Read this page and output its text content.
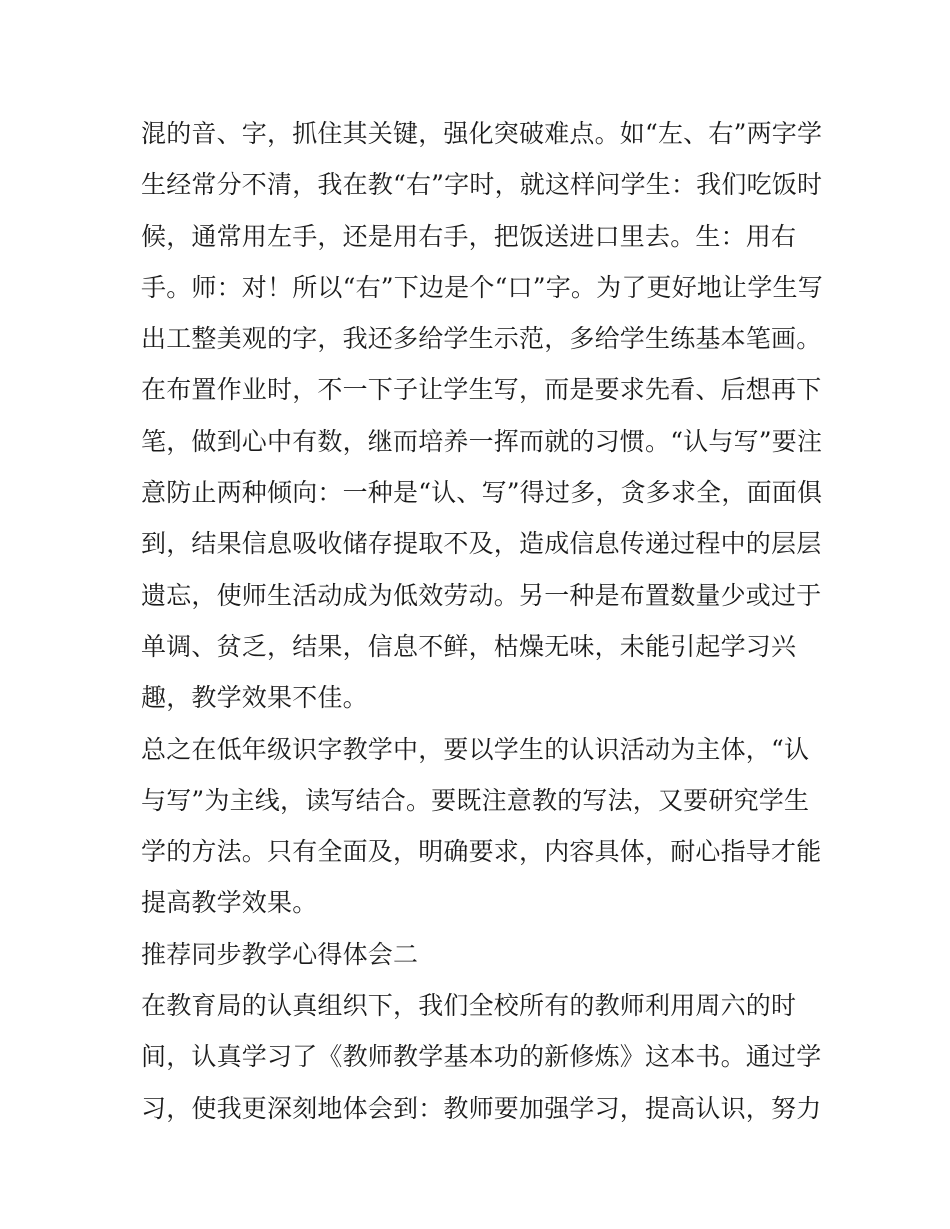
混的音、字，抓住其关键，强化突破难点。如“左、右”两字学
生经常分不清，我在教“右”字时，就这样问学生：我们吃饭时
候，通常用左手，还是用右手，把饭送进口里去。生：用右
手。师：对！所以“右”下边是个“口”字。为了更好地让学生写
出工整美观的字，我还多给学生示范，多给学生练基本笔画。
在布置作业时，不一下子让学生写，而是要求先看、后想再下
笔，做到心中有数，继而培养一挥而就的习惯。“认与写”要注
意防止两种倾向：一种是“认、写”得过多，贪多求全，面面俱
到，结果信息吸收储存提取不及，造成信息传递过程中的层层
遗忘，使师生活动成为低效劳动。另一种是布置数量少或过于
单调、贫乏，结果，信息不鲜，枯燥无味，未能引起学习兴
趣，教学效果不佳。
总之在低年级识字教学中，要以学生的认识活动为主体，“认
与写”为主线，读写结合。要既注意教的写法，又要研究学生
学的方法。只有全面及，明确要求，内容具体，耐心指导才能
提高教学效果。
推荐同步教学心得体会二
在教育局的认真组织下，我们全校所有的教师利用周六的时
间，认真学习了《教师教学基本功的新修炼》这本书。通过学
习，使我更深刻地体会到：教师要加强学习，提高认识，努力
